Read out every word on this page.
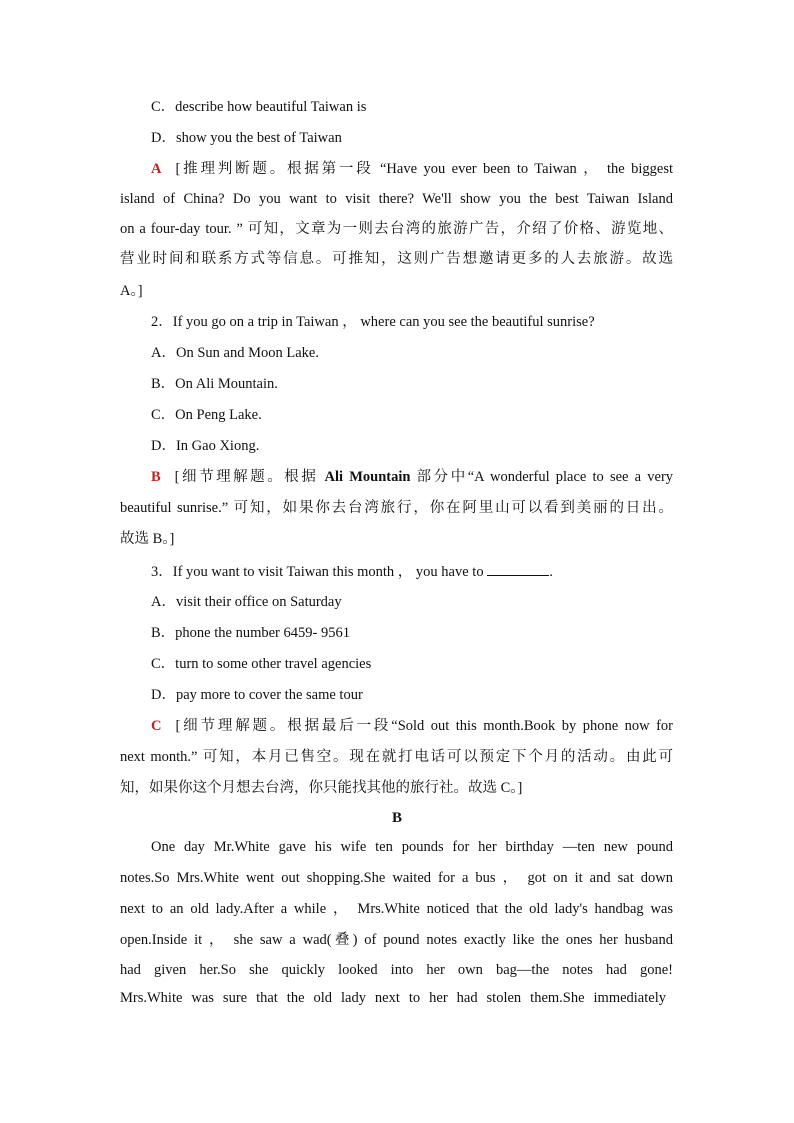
C．describe how beautiful Taiwan is
D．show you the best of Taiwan
A [推理判断题。根据第一段 “Have you ever been to Taiwan ， the biggest
island of China? Do you want to visit there? We'll show you the best Taiwan Island
on a four-day tour. ” 可知，文章为一则去台湾的旅游广告，介绍了价格、游览地、
营业时间和联系方式等信息。可推知，这则广告想邀请更多的人去旅游。故选
A。]
2．If you go on a trip in Taiwan ， where can you see the beautiful sunrise?
A．On Sun and Moon Lake.
B．On Ali Mountain.
C．On Peng Lake.
D．In Gao Xiong.
B [细节理解题。根据 Ali Mountain 部分中“A wonderful place to see a very
beautiful sunrise.” 可知，如果你去台湾旅行，你在阿里山可以看到美丽的日出。
故选 B。]
3．If you want to visit Taiwan this month ， you have to	.
A．visit their office on Saturday
B．phone the number 6459- 9561
C．turn to some other travel agencies
D．pay more to cover the same tour
C [细节理解题。根据最后一段“Sold out this month.Book by phone now for
next month.” 可知，本月已售空。现在就打电话可以预定下个月的活动。由此可
知，如果你这个月想去台湾，你只能找其他的旅行社。故选 C。]
B
One day Mr.White gave his wife ten pounds for her birthday —ten new pound
notes.So Mrs.White went out shopping.She waited for a bus ， got on it and sat down
next to an old lady.After a while ， Mrs.White noticed that the old lady's handbag was
open.Inside it ， she saw a wad(叠) of pound notes exactly like the ones her husband
had given her.So she quickly looked into her own bag—the notes had gone!
Mrs.White was sure that the old lady next to her had stolen them.She immediately
